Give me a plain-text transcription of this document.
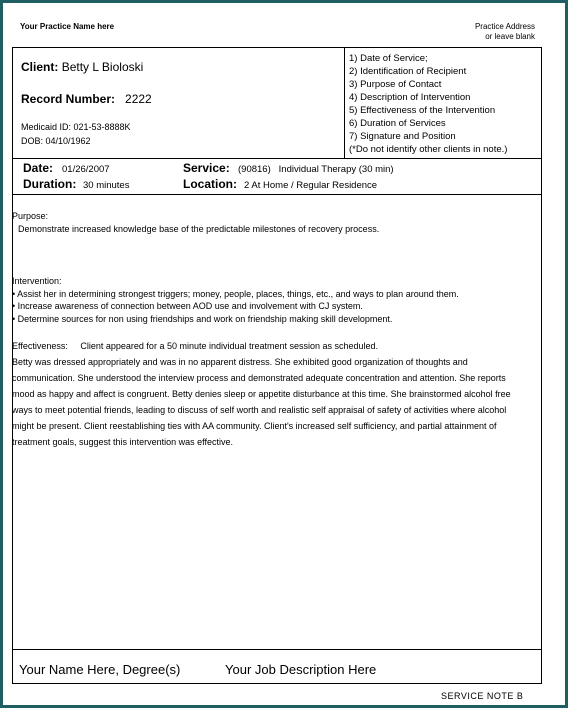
Your Practice Name here	Practice Address
or leave blank
Client: Betty L Bioloski
Record Number: 2222
Medicaid ID: 021-53-8888K
DOB: 04/10/1962
1) Date of Service;
2) Identification of Recipient
3) Purpose of Contact
4) Description of Intervention
5) Effectiveness of the Intervention
6) Duration of Services
7) Signature and Position
(*Do not identify other clients in note.)
Date: 01/26/2007
Duration: 30 minutes
Service: (90816)   Individual Therapy (30 min)
Location: 2 At Home / Regular Residence
Your Name Here, Degree(s)	Your Job Description Here
Purpose:
Demonstrate increased knowledge base of the predictable milestones of recovery process.
Intervention:
• Assist her in determining strongest triggers; money, people, places, things, etc., and ways to plan around them.
• Increase awareness of connection between AOD use and involvement with CJ system.
• Determine sources for non using friendships and work on friendship making skill development.
Effectiveness: Client appeared for a 50 minute individual treatment session as scheduled.
Betty was dressed appropriately and was in no apparent distress. She exhibited good organization of thoughts and communication. She understood the interview process and demonstrated adequate concentration and attention. She reports mood as happy and affect is congruent. Betty denies sleep or appetite disturbance at this time. She brainstormed alcohol free ways to meet potential friends, leading to discuss of self worth and realistic self appraisal of safety of activities where alcohol might be present. Client reestablishing ties with AA community. Client's increased self sufficiency, and partial attainment of treatment goals, suggest this intervention was effective.
SERVICE NOTE B
